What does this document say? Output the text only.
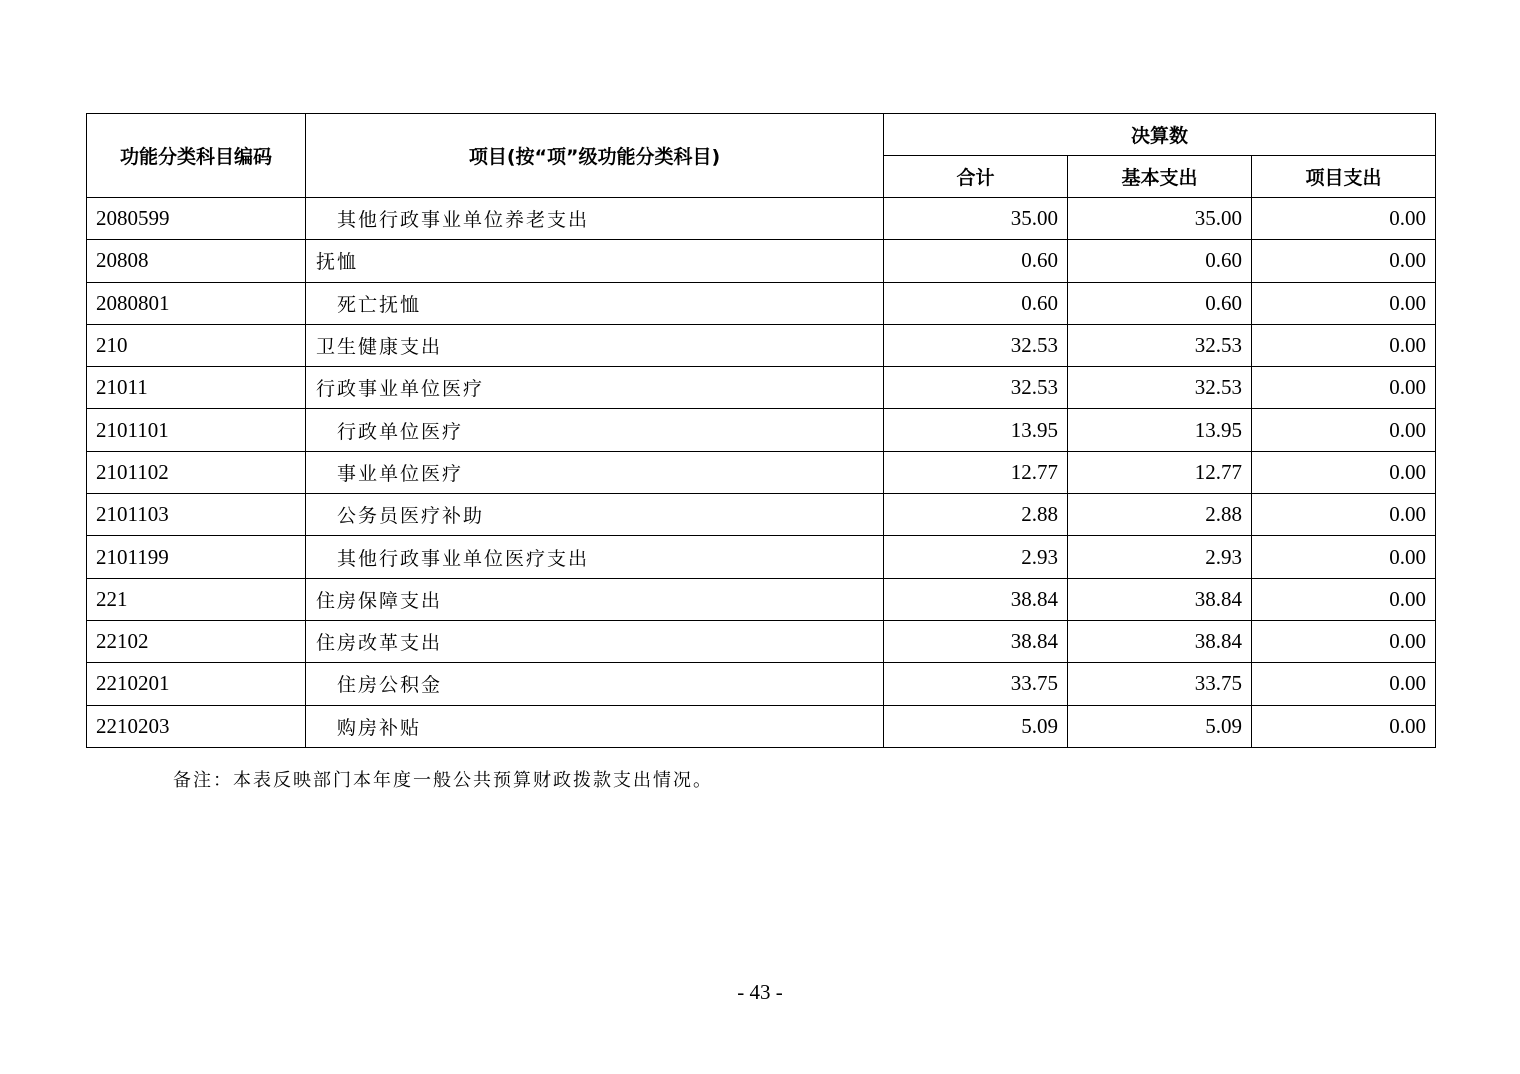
功能分类科目编码	项目(按“项”级功能分类科目)	决算数		
		合计	基本支出	项目支出
2080599	其他行政事业单位养老支出	35.00	35.00	0.00
20808	抚恤	0.60	0.60	0.00
2080801	死亡抚恤	0.60	0.60	0.00
210	卫生健康支出	32.53	32.53	0.00
21011	行政事业单位医疗	32.53	32.53	0.00
2101101	行政单位医疗	13.95	13.95	0.00
2101102	事业单位医疗	12.77	12.77	0.00
2101103	公务员医疗补助	2.88	2.88	0.00
2101199	其他行政事业单位医疗支出	2.93	2.93	0.00
221	住房保障支出	38.84	38.84	0.00
22102	住房改革支出	38.84	38.84	0.00
2210201	住房公积金	33.75	33.75	0.00
2210203	购房补贴	5.09	5.09	0.00
备注：本表反映部门本年度一般公共预算财政拨款支出情况。
- 43 -
